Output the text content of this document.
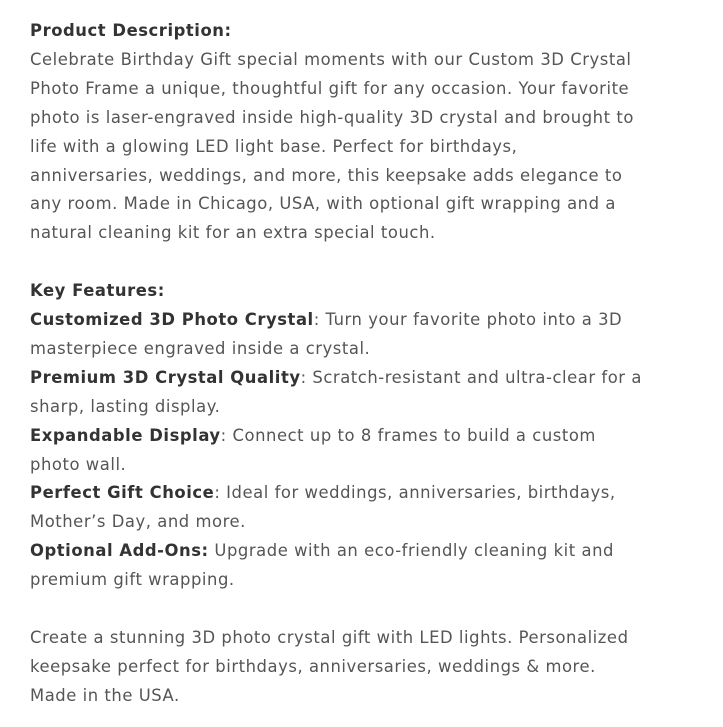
Product Description:

Celebrate Birthday Gift special moments with our Custom 3D Crystal Photo Frame a unique, thoughtful gift for any occasion. Your favorite photo is laser-engraved inside high-quality 3D crystal and brought to life with a glowing LED light base. Perfect for birthdays, anniversaries, weddings, and more, this keepsake adds elegance to any room. Made in Chicago, USA, with optional gift wrapping and a natural cleaning kit for an extra special touch.

Key Features:

Customized 3D Photo Crystal: Turn your favorite photo into a 3D masterpiece engraved inside a crystal.

Premium 3D Crystal Quality: Scratch-resistant and ultra-clear for a sharp, lasting display.

Expandable Display: Connect up to 8 frames to build a custom photo wall.

Perfect Gift Choice: Ideal for weddings, anniversaries, birthdays, Mother’s Day, and more.

Optional Add-Ons: Upgrade with an eco-friendly cleaning kit and premium gift wrapping.

Create a stunning 3D photo crystal gift with LED lights. Personalized keepsake perfect for birthdays, anniversaries, weddings & more. Made in the USA.
